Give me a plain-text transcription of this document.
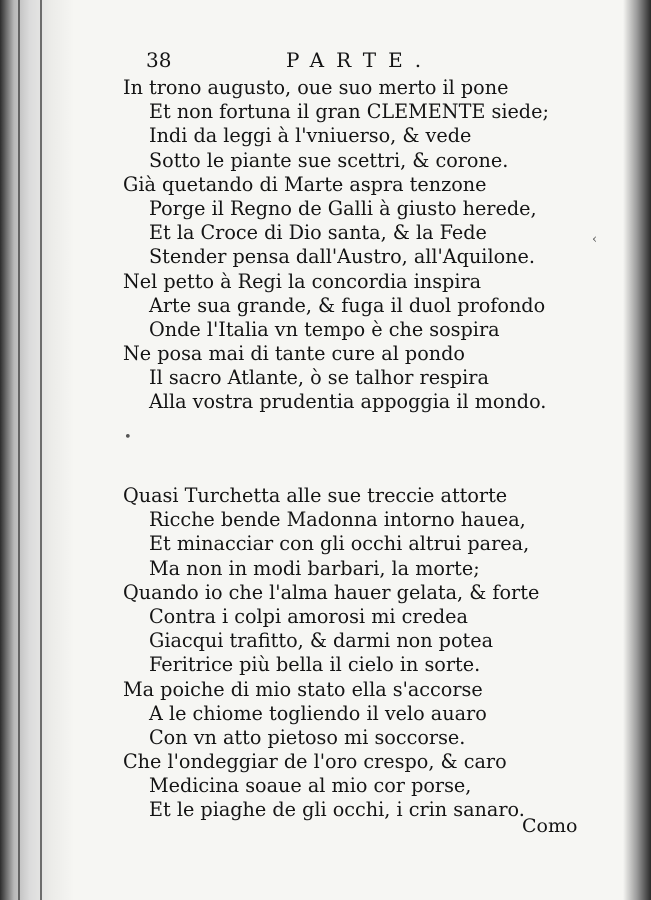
38	PARTE.
In trono augusto, oue suo merto il pone
Et non fortuna il gran CLEMENTE siede;
Indi da leggi à l'vniuerso, & vede
Sotto le piante sue scettri, & corone.
Già quetando di Marte aspra tenzone
Porge il Regno de Galli à giusto herede,
Et la Croce di Dio santa, & la Fede
Stender pensa dall'Austro, all'Aquilone.
Nel petto à Regi la concordia inspira
Arte sua grande, & fuga il duol profondo
Onde l'Italia vn tempo è che sospira
Ne posa mai di tante cure al pondo
Il sacro Atlante, ò se talhor respira
Alla vostra prudentia appoggia il mondo.
Quasi Turchetta alle sue treccie attorte
Ricche bende Madonna intorno hauea,
Et minacciar con gli occhi altrui parea,
Ma non in modi barbari, la morte;
Quando io che l'alma hauer gelata, & forte
Contra i colpi amorosi mi credea
Giacqui trafitto, & darmi non potea
Feritrice più bella il cielo in sorte.
Ma poiche di mio stato ella s'accorse
A le chiome togliendo il velo auaro
Con vn atto pietoso mi soccorse.
Che l'ondeggiar de l'oro crespo, & caro
Medicina soaue al mio cor porse,
Et le piaghe de gli occhi, i crin sanaro.
Como
•
‹
